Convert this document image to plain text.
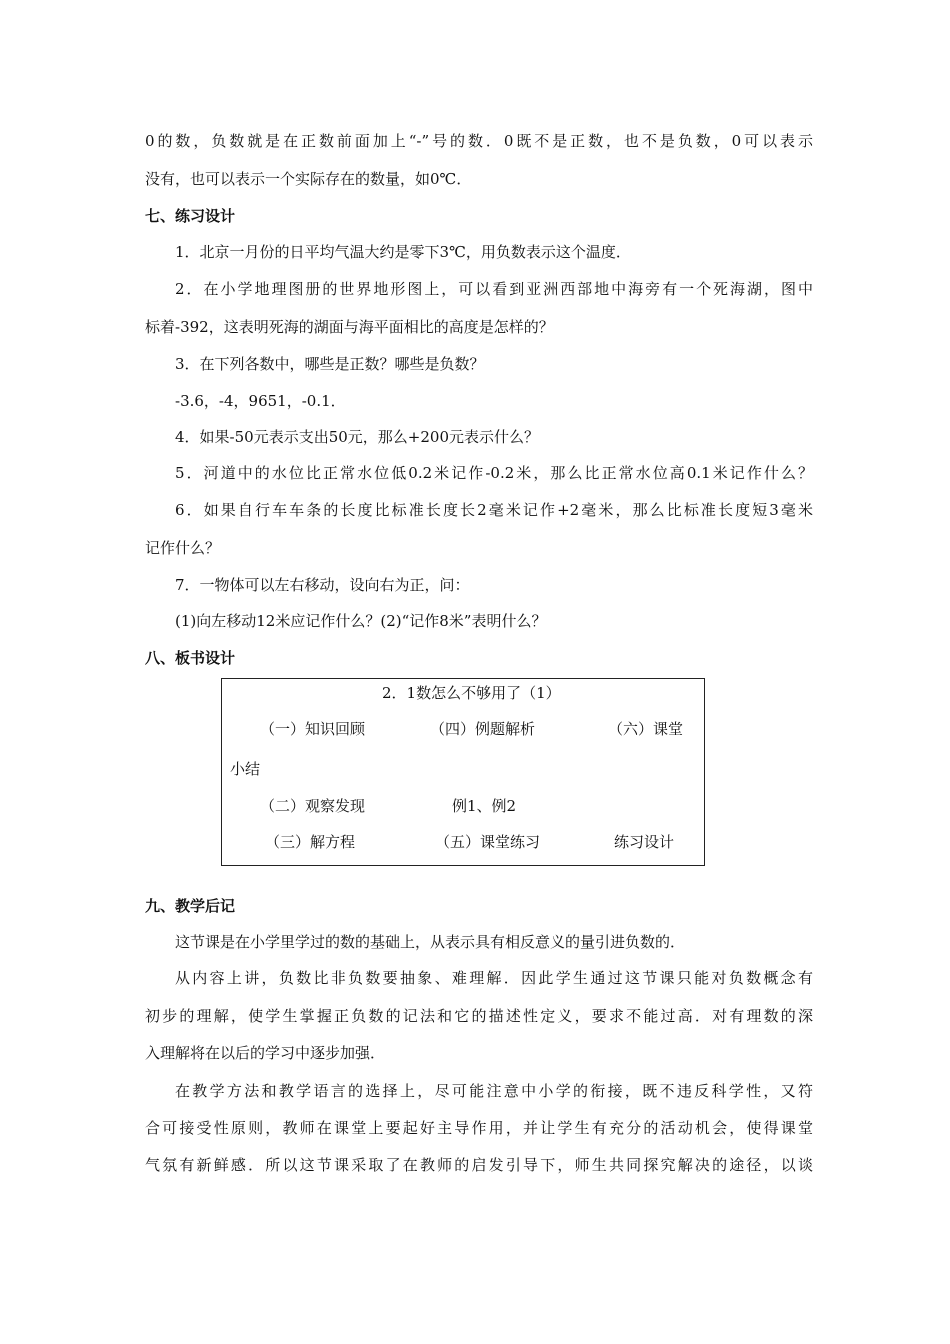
0的数，负数就是在正数前面加上“-”号的数．0既不是正数，也不是负数，0可以表示
没有，也可以表示一个实际存在的数量，如0℃．
七、练习设计
1．北京一月份的日平均气温大约是零下3℃，用负数表示这个温度．
2．在小学地理图册的世界地形图上，可以看到亚洲西部地中海旁有一个死海湖，图中
标着-392，这表明死海的湖面与海平面相比的高度是怎样的？
3．在下列各数中，哪些是正数？哪些是负数？
-3.6，-4，9651，-0.1．
4．如果-50元表示支出50元，那么+200元表示什么？
5．河道中的水位比正常水位低0.2米记作-0.2米，那么比正常水位高0.1米记作什么？
6．如果自行车车条的长度比标准长度长2毫米记作+2毫米，那么比标准长度短3毫米
记作什么？
7．一物体可以左右移动，设向右为正，问：
(1)向左移动12米应记作什么？(2)“记作8米”表明什么？
八、板书设计
2．1数怎么不够用了（1）
（一）知识回顾	（四）例题解析	（六）课堂
小结
（二）观察发现	例1、例2
（三）解方程	（五）课堂练习	练习设计
九、教学后记
这节课是在小学里学过的数的基础上，从表示具有相反意义的量引进负数的．
从内容上讲，负数比非负数要抽象、难理解．因此学生通过这节课只能对负数概念有
初步的理解，使学生掌握正负数的记法和它的描述性定义，要求不能过高．对有理数的深
入理解将在以后的学习中逐步加强．
在教学方法和教学语言的选择上，尽可能注意中小学的衔接，既不违反科学性，又符
合可接受性原则，教师在课堂上要起好主导作用，并让学生有充分的活动机会，使得课堂
气氛有新鲜感．所以这节课采取了在教师的启发引导下，师生共同探究解决的途径，以谈
